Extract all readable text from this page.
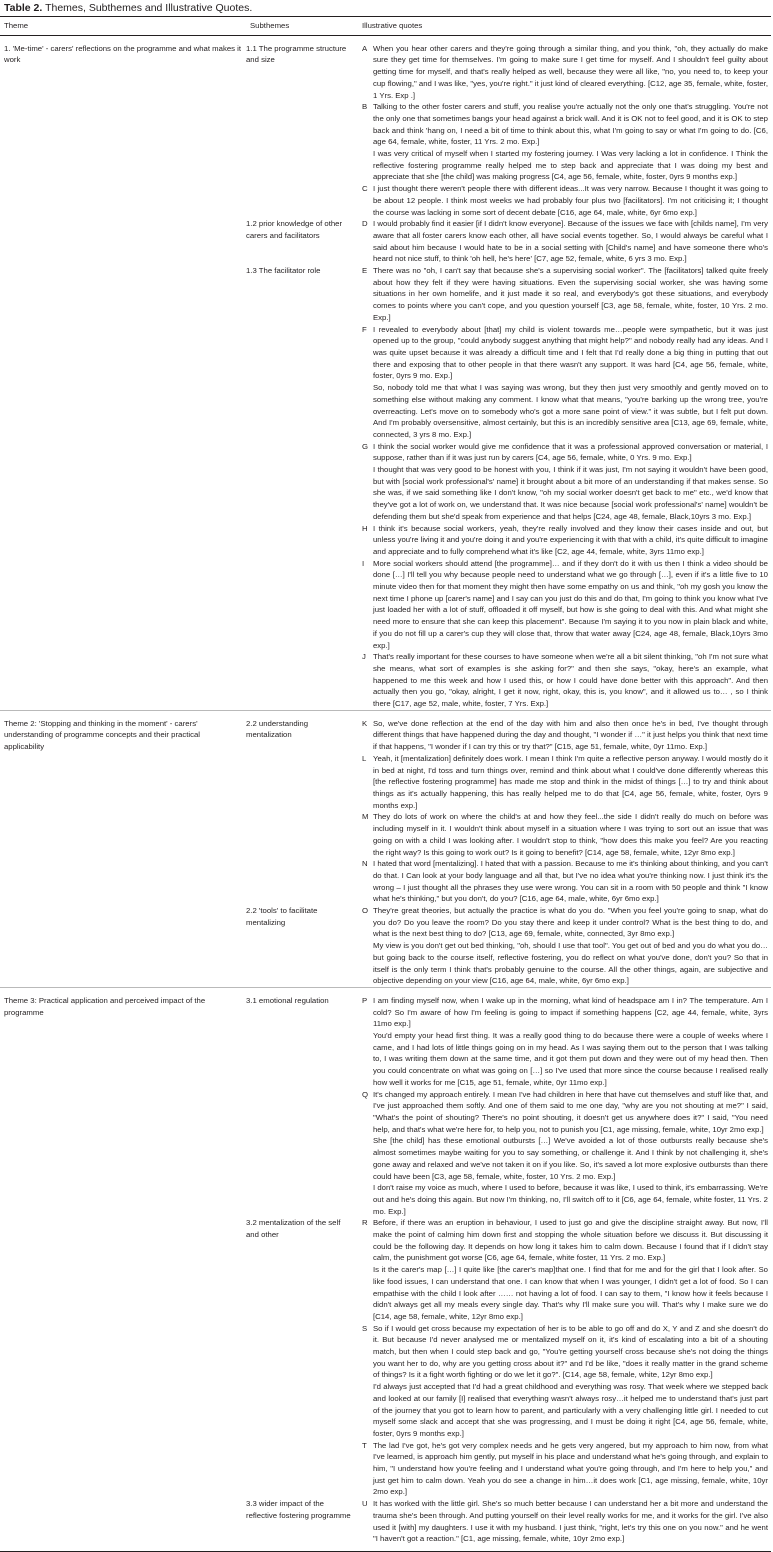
Table 2. Themes, Subthemes and Illustrative Quotes.
Theme	Subthemes	Illustrative quotes	
1. 'Me-time' - carers' reflections on the programme and what makes it work	1.1 The programme structure and size	A	When you hear other carers and they're going through a similar thing, and you think, "oh, they actually do make sure they get time for themselves. I'm going to make sure I get time for myself. And I shouldn't feel guilty about getting time for myself, and that's really helped as well, because they were all like, "no, you need to, to keep your cup flowing," and I was like, "yes, you're right." it just kind of cleared everything. [C12, age 35, female, white, foster, 1 Yrs. Exp .]

		B	Talking to the other foster carers and stuff, you realise you're actually not the only one that's struggling. You're not the only one that sometimes bangs your head against a brick wall. And it is OK not to feel good, and it is OK to step back and think 'hang on, I need a bit of time to think about this, what I'm going to say or what I'm going to do. [C6, age 64, female, white, foster, 11 Yrs. 2 mo. Exp.]

I was very critical of myself when I started my fostering journey. I Was very lacking a lot in confidence. I Think the reflective fostering programme really helped me to step back and appreciate that I was doing my best and appreciate that she [the child] was making progress [C4, age 56, female, white, foster, 0yrs 9 months exp.]

		C	I just thought there weren't people there with different ideas...It was very narrow. Because I thought it was going to be about 12 people. I think most weeks we had probably four plus two [facilitators]. I'm not criticising it; I thought the course was lacking in some sort of decent debate [C16, age 64, male, white, 6yr 6mo exp.]

	1.2 prior knowledge of other carers and facilitators	D	I would probably find it easier [if I didn't know everyone]. Because of the issues we face with [childs name], I'm very aware that all foster carers know each other, all have social events together. So, I would always be careful what I said about him because I would hate to be in a social setting with [Child's name] and have someone there who's heard not nice stuff, to think 'oh hell, he's here' [C7, age 52, female, white, 6 yrs 3 mo. Exp.]

	1.3 The facilitator role	E	There was no "oh, I can't say that because she's a supervising social worker". The [facilitators] talked quite freely about how they felt if they were having situations. Even the supervising social worker, she was having some situations in her own homelife, and it just made it so real, and everybody's got these situations, and everybody comes to points where you can't cope, and you question yourself [C3, age 58, female, white, foster, 10 Yrs. 2 mo. Exp.]

		F	I revealed to everybody about [that] my child is violent towards me…people were sympathetic, but it was just opened up to the group, "could anybody suggest anything that might help?" and nobody really had any ideas. And I was quite upset because it was already a difficult time and I felt that I'd really done a big thing in putting that out there and exposing that to other people in that there wasn't any support. It was hard [C4, age 56, female, white, foster, 0yrs 9 mo. Exp.]

So, nobody told me that what I was saying was wrong, but they then just very smoothly and gently moved on to something else without making any comment. I know what that means, "you're barking up the wrong tree, you're overreacting. Let's move on to somebody who's got a more sane point of view." it was subtle, but I felt put down. And I'm probably oversensitive, almost certainly, but this is an incredibly sensitive area [C13, age 69, female, white, connected, 3 yrs 8 mo. Exp.]

		G	I think the social worker would give me confidence that it was a professional approved conversation or material, I suppose, rather than if it was just run by carers [C4, age 56, female, white, 0 Yrs. 9 mo. Exp.]

I thought that was very good to be honest with you, I think if it was just, I'm not saying it wouldn't have been good, but with [social work professional's' name] it brought about a bit more of an understanding if that makes sense. So she was, if we said something like I don't know, "oh my social worker doesn't get back to me" etc., we'd know that they've got a lot of work on, we understand that. It was nice because [social work professional's' name] wouldn't be defending them but she'd speak from experience and that helps [C24, age 48, female, Black,10yrs 3 mo. Exp.]

		H	I think it's because social workers, yeah, they're really involved and they know their cases inside and out, but unless you're living it and you're doing it and you're experiencing it with that with a child, it's quite difficult to imagine and appreciate and to fully comprehend what it's like [C2, age 44, female, white, 3yrs 11mo exp.]

		I	More social workers should attend [the programme]… and if they don't do it with us then I think a video should be done […] I'll tell you why because people need to understand what we go through […], even if it's a little five to 10 minute video then for that moment they might then have some empathy on us and think, "oh my gosh you know the next time I phone up [carer's name] and I say can you just do this and do that, I'm going to think you know what I've just loaded her with a lot of stuff, offloaded it off myself, but how is she going to deal with this. And what might she need more to ensure that she can keep this placement". Because I'm saying it to you now in plain black and white, if you do not fill up a carer's cup they will close that, throw that water away [C24, age 48, female, Black,10yrs 3mo exp.]

		J	That's really important for these courses to have someone when we're all a bit silent thinking, "oh I'm not sure what she means, what sort of examples is she asking for?" and then she says, "okay, here's an example, what happened to me this week and how I used this, or how I could have done better with this approach". And then actually then you go, "okay, alright, I get it now, right, okay, this is, you know", and it allowed us to… , so I think there [C17, age 52, male, white, foster, 7 Yrs. Exp.]

Theme 2: 'Stopping and thinking in the moment' - carers' understanding of programme concepts and their practical applicability	2.2 understanding mentalization	K	So, we've done reflection at the end of the day with him and also then once he's in bed, I've thought through different things that have happened during the day and thought, "I wonder if …" it just helps you think that next time if that happens, "I wonder if I can try this or try that?" [C15, age 51, female, white, 0yr 11mo. Exp.]

		L	Yeah, it [mentalization] definitely does work. I mean I think I'm quite a reflective person anyway. I would mostly do it in bed at night, I'd toss and turn things over, remind and think about what I could've done differently whereas this [the reflective fostering programme] has made me stop and think in the midst of things […] to try and think about things as it's actually happening, this has really helped me to do that [C4, age 56, female, white, foster, 0yrs 9 months exp.]

		M	They do lots of work on where the child's at and how they feel...the side I didn't really do much on before was including myself in it. I wouldn't think about myself in a situation where I was trying to sort out an issue that was going on with a child I was looking after. I wouldn't stop to think, "how does this make you feel? Are you reacting the right way? Is this going to work out? Is it going to benefit? [C14, age 58, female, white, 12yr 8mo exp.]

		N	I hated that word [mentalizing]. I hated that with a passion. Because to me it's thinking about thinking, and you can't do that. I Can look at your body language and all that, but I've no idea what you're thinking now. I just think it's the wrong – I just thought all the phrases they use were wrong. You can sit in a room with 50 people and think "I know what he's thinking," but you don't, do you? [C16, age 64, male, white, 6yr 6mo exp.]

	2.2 'tools' to facilitate mentalizing	O	They're great theories, but actually the practice is what do you do. "When you feel you're going to snap, what do you do? Do you leave the room? Do you stay there and keep it under control? What is the best thing to do, and what is the next best thing to do? [C13, age 69, female, white, connected, 3yr 8mo exp.]

My view is you don't get out bed thinking, "oh, should I use that tool". You get out of bed and you do what you do…but going back to the course itself, reflective fostering, you do reflect on what you've done, don't you? So that in itself is the only term I think that's probably genuine to the course. All the other things, again, are subjective and objective depending on your view [C16, age 64, male, white, 6yr 6mo exp.]

Theme 3: Practical application and perceived impact of the programme	3.1 emotional regulation	P	I am finding myself now, when I wake up in the morning, what kind of headspace am I in? The temperature. Am I cold? So I'm aware of how I'm feeling is going to impact if something happens [C2, age 44, female, white, 3yrs 11mo exp.]

You'd empty your head first thing. It was a really good thing to do because there were a couple of weeks where I came, and I had lots of little things going on in my head. As I was saying them out to the person that I was talking to, I was writing them down at the same time, and it got them put down and they were out of my head then. Then you could concentrate on what was going on […] so I've used that more since the course because I realised really how well it works for me [C15, age 51, female, white, 0yr 11mo exp.]

		Q	It's changed my approach entirely. I mean I've had children in here that have cut themselves and stuff like that, and I've just approached them softly. And one of them said to me one day, "why are you not shouting at me?" I said, "What's the point of shouting? There's no point shouting, it doesn't get us anywhere does it?" I said, "You need help, and that's what we're here for, to help you, not to punish you [C1, age missing, female, white, 10yr 2mo exp.]

She [the child] has these emotional outbursts […] We've avoided a lot of those outbursts really because she's almost sometimes maybe waiting for you to say something, or challenge it. And I think by not challenging it, she's gone away and relaxed and we've not taken it on if you like. So, it's saved a lot more explosive outbursts than there could have been [C3, age 58, female, white, foster, 10 Yrs. 2 mo. Exp.]

I don't raise my voice as much, where I used to before, because it was like, I used to think, it's embarrassing. We're out and he's doing this again. But now I'm thinking, no, I'll switch off to it [C6, age 64, female, white foster, 11 Yrs. 2 mo. Exp.]

	3.2 mentalization of the self and other	R	Before, if there was an eruption in behaviour, I used to just go and give the discipline straight away. But now, I'll make the point of calming him down first and stopping the whole situation before we discuss it. But discussing it could be the following day. It depends on how long it takes him to calm down. Because I found that if I didn't stay calm, the punishment got worse [C6, age 64, female, white foster, 11 Yrs. 2 mo. Exp.]

Is it the carer's map […] I quite like [the carer's map]that one. I find that for me and for the girl that I look after. So like food issues, I can understand that one. I can know that when I was younger, I didn't get a lot of food. So I can empathise with the child I look after …… not having a lot of food. I can say to them, "I know how it feels because I didn't always get all my meals every single day. That's why I'll make sure you will. That's why I make sure we do [C14, age 58, female, white, 12yr 8mo exp.]

		S	So if I would get cross because my expectation of her is to be able to go off and do X, Y and Z and she doesn't do it. But because I'd never analysed me or mentalized myself on it, it's kind of escalating into a bit of a shouting match, but then when I could step back and go, "You're getting yourself cross because she's not doing the things you want her to do, why are you getting cross about it?" and I'd be like, "does it really matter in the grand scheme of things? Is it a fight worth fighting or do we let it go?". [C14, age 58, female, white, 12yr 8mo exp.]

I'd always just accepted that I'd had a great childhood and everything was rosy. That week where we stepped back and looked at our family [I] realised that everything wasn't always rosy…it helped me to understand that's just part of the journey that you got to learn how to parent, and particularly with a very challenging little girl. I needed to cut myself some slack and accept that she was progressing, and I must be doing it right [C4, age 56, female, white, foster, 0yrs 9 months exp.]

		T	The lad I've got, he's got very complex needs and he gets very angered, but my approach to him now, from what I've learned, is approach him gently, put myself in his place and understand what he's going through, and explain to him, "I understand how you're feeling and I understand what you're going through, and I'm here to help you," and just get him to calm down. Yeah you do see a change in him…it does work [C1, age missing, female, white, 10yr 2mo exp.]

	3.3 wider impact of the reflective fostering programme	U	It has worked with the little girl. She's so much better because I can understand her a bit more and understand the trauma she's been through. And putting yourself on their level really works for me, and it works for the girl. I've also used it [with] my daughters. I use it with my husband. I just think, "right, let's try this one on you now." and he went "I haven't got a reaction." [C1, age missing, female, white, 10yr 2mo exp.]
